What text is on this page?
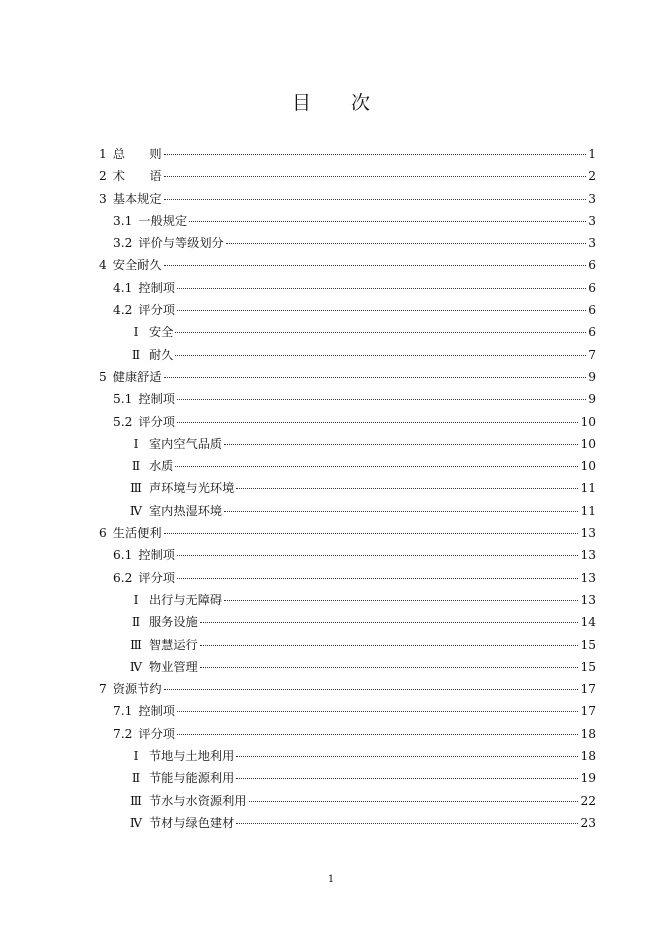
目 次
1 总　　则	1
2 术　　语	2
3 基本规定	3
3.1 一般规定	3
3.2 评价与等级划分	3
4 安全耐久	6
4.1 控制项	6
4.2 评分项	6
Ⅰ 安全	6
Ⅱ 耐久	7
5 健康舒适	9
5.1 控制项	9
5.2 评分项	10
Ⅰ 室内空气品质	10
Ⅱ 水质	10
Ⅲ 声环境与光环境	11
Ⅳ 室内热湿环境	11
6 生活便利	13
6.1 控制项	13
6.2 评分项	13
Ⅰ 出行与无障碍	13
Ⅱ 服务设施	14
Ⅲ 智慧运行	15
Ⅳ 物业管理	15
7 资源节约	17
7.1 控制项	17
7.2 评分项	18
Ⅰ 节地与土地利用	18
Ⅱ 节能与能源利用	19
Ⅲ 节水与水资源利用	22
Ⅳ 节材与绿色建材	23
1
